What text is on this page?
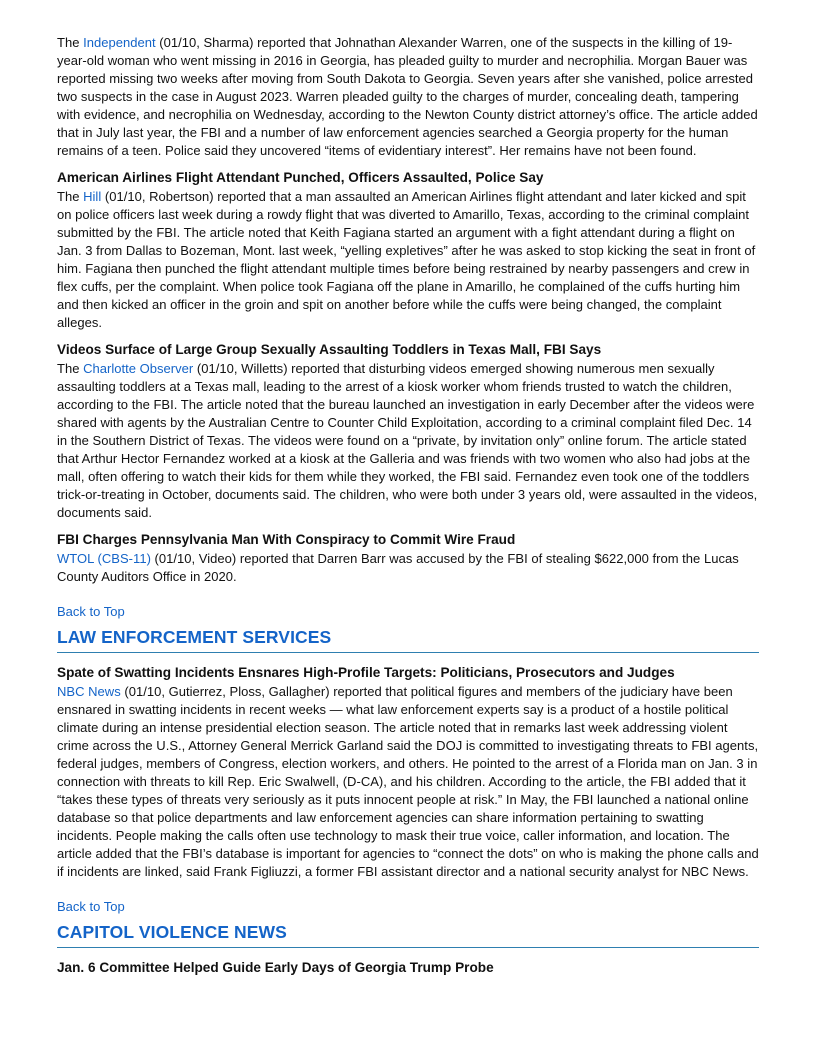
The Independent (01/10, Sharma) reported that Johnathan Alexander Warren, one of the suspects in the killing of 19-year-old woman who went missing in 2016 in Georgia, has pleaded guilty to murder and necrophilia. Morgan Bauer was reported missing two weeks after moving from South Dakota to Georgia. Seven years after she vanished, police arrested two suspects in the case in August 2023. Warren pleaded guilty to the charges of murder, concealing death, tampering with evidence, and necrophilia on Wednesday, according to the Newton County district attorney’s office. The article added that in July last year, the FBI and a number of law enforcement agencies searched a Georgia property for the human remains of a teen. Police said they uncovered “items of evidentiary interest”. Her remains have not been found.

American Airlines Flight Attendant Punched, Officers Assaulted, Police Say

The Hill (01/10, Robertson) reported that a man assaulted an American Airlines flight attendant and later kicked and spit on police officers last week during a rowdy flight that was diverted to Amarillo, Texas, according to the criminal complaint submitted by the FBI. The article noted that Keith Fagiana started an argument with a fight attendant during a flight on Jan. 3 from Dallas to Bozeman, Mont. last week, “yelling expletives” after he was asked to stop kicking the seat in front of him. Fagiana then punched the flight attendant multiple times before being restrained by nearby passengers and crew in flex cuffs, per the complaint. When police took Fagiana off the plane in Amarillo, he complained of the cuffs hurting him and then kicked an officer in the groin and spit on another before while the cuffs were being changed, the complaint alleges.

Videos Surface of Large Group Sexually Assaulting Toddlers in Texas Mall, FBI Says

The Charlotte Observer (01/10, Willetts) reported that disturbing videos emerged showing numerous men sexually assaulting toddlers at a Texas mall, leading to the arrest of a kiosk worker whom friends trusted to watch the children, according to the FBI. The article noted that the bureau launched an investigation in early December after the videos were shared with agents by the Australian Centre to Counter Child Exploitation, according to a criminal complaint filed Dec. 14 in the Southern District of Texas. The videos were found on a “private, by invitation only” online forum. The article stated that Arthur Hector Fernandez worked at a kiosk at the Galleria and was friends with two women who also had jobs at the mall, often offering to watch their kids for them while they worked, the FBI said. Fernandez even took one of the toddlers trick-or-treating in October, documents said. The children, who were both under 3 years old, were assaulted in the videos, documents said.

FBI Charges Pennsylvania Man With Conspiracy to Commit Wire Fraud

WTOL (CBS-11) (01/10, Video) reported that Darren Barr was accused by the FBI of stealing $622,000 from the Lucas County Auditors Office in 2020.

Back to Top
LAW ENFORCEMENT SERVICES
Spate of Swatting Incidents Ensnares High-Profile Targets: Politicians, Prosecutors and Judges

NBC News (01/10, Gutierrez, Ploss, Gallagher) reported that political figures and members of the judiciary have been ensnared in swatting incidents in recent weeks — what law enforcement experts say is a product of a hostile political climate during an intense presidential election season. The article noted that in remarks last week addressing violent crime across the U.S., Attorney General Merrick Garland said the DOJ is committed to investigating threats to FBI agents, federal judges, members of Congress, election workers, and others. He pointed to the arrest of a Florida man on Jan. 3 in connection with threats to kill Rep. Eric Swalwell, (D-CA), and his children. According to the article, the FBI added that it “takes these types of threats very seriously as it puts innocent people at risk.” In May, the FBI launched a national online database so that police departments and law enforcement agencies can share information pertaining to swatting incidents. People making the calls often use technology to mask their true voice, caller information, and location. The article added that the FBI’s database is important for agencies to “connect the dots” on who is making the phone calls and if incidents are linked, said Frank Figliuzzi, a former FBI assistant director and a national security analyst for NBC News.

Back to Top
CAPITOL VIOLENCE NEWS
Jan. 6 Committee Helped Guide Early Days of Georgia Trump Probe
